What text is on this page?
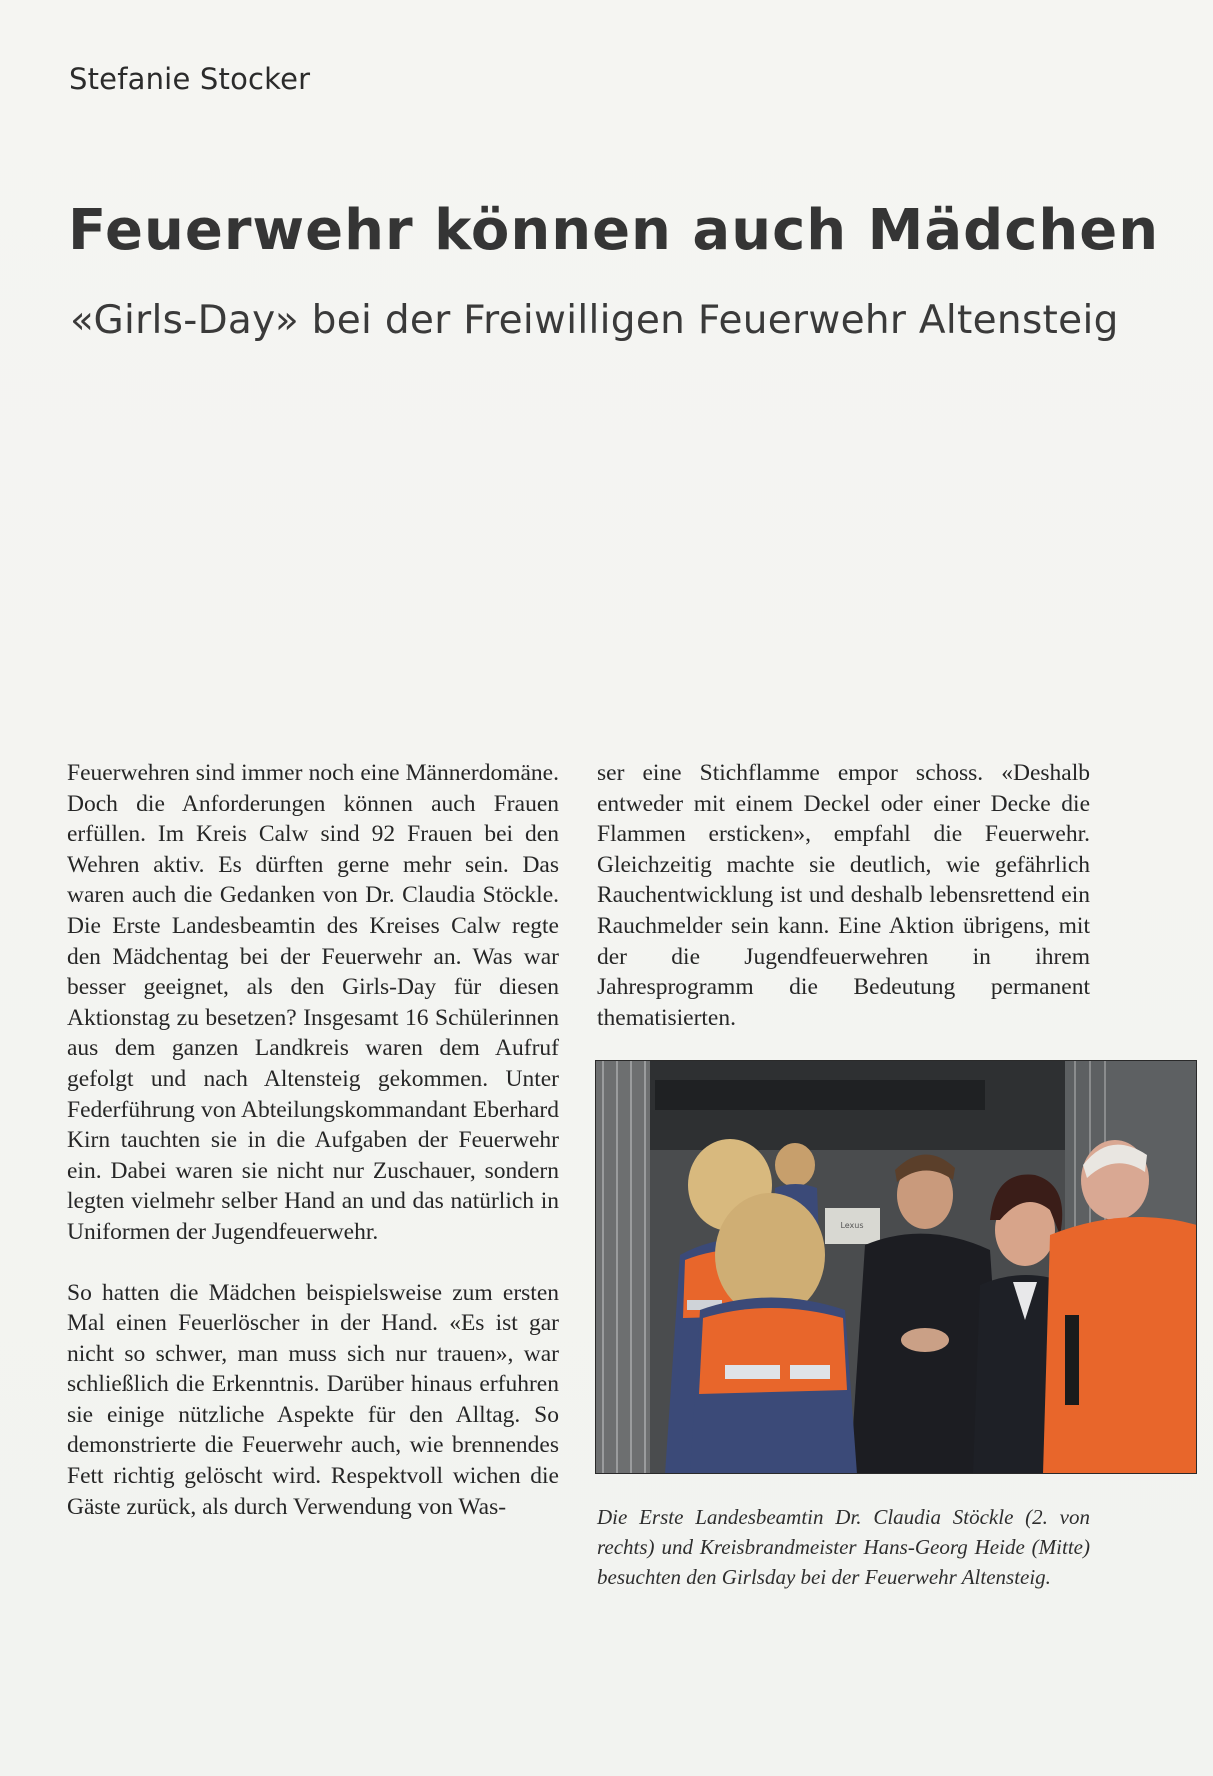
Stefanie Stocker
Feuerwehr können auch Mädchen
«Girls-Day» bei der Freiwilligen Feuerwehr Altensteig

Feuerwehren sind immer noch eine Männerdomäne. Doch die Anforderungen können auch Frauen erfüllen. Im Kreis Calw sind 92 Frauen bei den Wehren aktiv. Es dürften gerne mehr sein. Das waren auch die Gedanken von Dr. Claudia Stöckle. Die Erste Landesbeamtin des Kreises Calw regte den Mädchentag bei der Feuerwehr an. Was war besser geeignet, als den Girls-Day für diesen Aktionstag zu besetzen? Insgesamt 16 Schülerinnen aus dem ganzen Landkreis waren dem Aufruf gefolgt und nach Altensteig gekommen. Unter Federführung von Abteilungskommandant Eberhard Kirn tauchten sie in die Aufgaben der Feuerwehr ein. Dabei waren sie nicht nur Zuschauer, sondern legten vielmehr selber Hand an und das natürlich in Uniformen der Jugendfeuerwehr.

So hatten die Mädchen beispielsweise zum ersten Mal einen Feuerlöscher in der Hand. «Es ist gar nicht so schwer, man muss sich nur trauen», war schließlich die Erkenntnis. Darüber hinaus erfuhren sie einige nützliche Aspekte für den Alltag. So demonstrierte die Feuerwehr auch, wie brennendes Fett richtig gelöscht wird. Respektvoll wichen die Gäste zurück, als durch Verwendung von Was-

ser eine Stichflamme empor schoss. «Deshalb entweder mit einem Deckel oder einer Decke die Flammen ersticken», empfahl die Feuerwehr. Gleichzeitig machte sie deutlich, wie gefährlich Rauchentwicklung ist und deshalb lebensrettend ein Rauchmelder sein kann. Eine Aktion übrigens, mit der die Jugendfeuerwehren in ihrem Jahresprogramm die Bedeutung permanent thematisierten.

Lexus
Die Erste Landesbeamtin Dr. Claudia Stöckle (2. von rechts) und Kreisbrandmeister Hans-Georg Heide (Mitte) besuchten den Girlsday bei der Feuerwehr Altensteig.
